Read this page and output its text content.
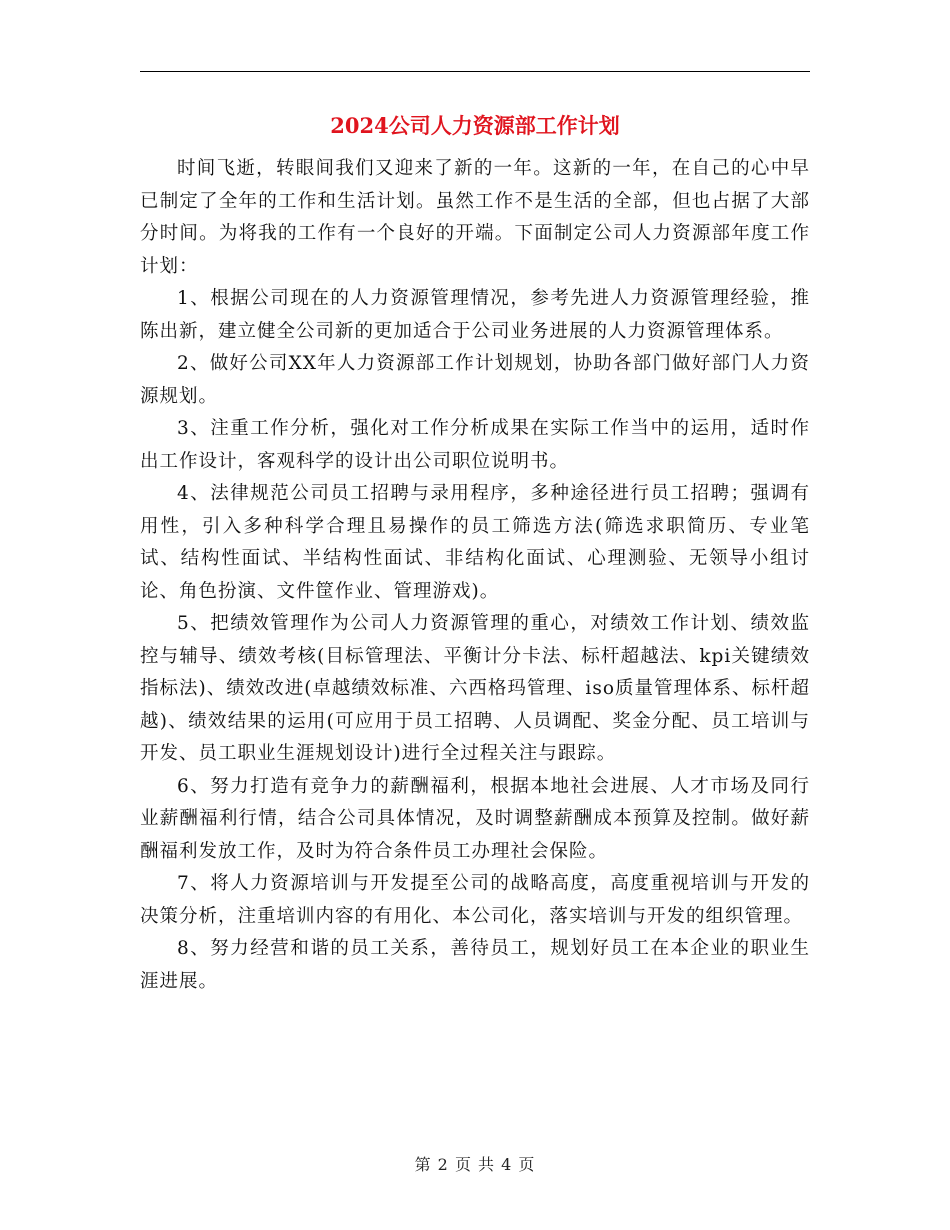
2024公司人力资源部工作计划

时间飞逝，转眼间我们又迎来了新的一年。这新的一年，在自己的心中早已制定了全年的工作和生活计划。虽然工作不是生活的全部，但也占据了大部分时间。为将我的工作有一个良好的开端。下面制定公司人力资源部年度工作计划：

1、根据公司现在的人力资源管理情况，参考先进人力资源管理经验，推陈出新，建立健全公司新的更加适合于公司业务进展的人力资源管理体系。

2、做好公司XX年人力资源部工作计划规划，协助各部门做好部门人力资源规划。

3、注重工作分析，强化对工作分析成果在实际工作当中的运用，适时作出工作设计，客观科学的设计出公司职位说明书。

4、法律规范公司员工招聘与录用程序，多种途径进行员工招聘；强调有用性，引入多种科学合理且易操作的员工筛选方法(筛选求职简历、专业笔试、结构性面试、半结构性面试、非结构化面试、心理测验、无领导小组讨论、角色扮演、文件筐作业、管理游戏)。

5、把绩效管理作为公司人力资源管理的重心，对绩效工作计划、绩效监控与辅导、绩效考核(目标管理法、平衡计分卡法、标杆超越法、kpi关键绩效指标法)、绩效改进(卓越绩效标准、六西格玛管理、iso质量管理体系、标杆超越)、绩效结果的运用(可应用于员工招聘、人员调配、奖金分配、员工培训与开发、员工职业生涯规划设计)进行全过程关注与跟踪。

6、努力打造有竞争力的薪酬福利，根据本地社会进展、人才市场及同行业薪酬福利行情，结合公司具体情况，及时调整薪酬成本预算及控制。做好薪酬福利发放工作，及时为符合条件员工办理社会保险。

7、将人力资源培训与开发提至公司的战略高度，高度重视培训与开发的决策分析，注重培训内容的有用化、本公司化，落实培训与开发的组织管理。

8、努力经营和谐的员工关系，善待员工，规划好员工在本企业的职业生涯进展。

第 2 页 共 4 页
